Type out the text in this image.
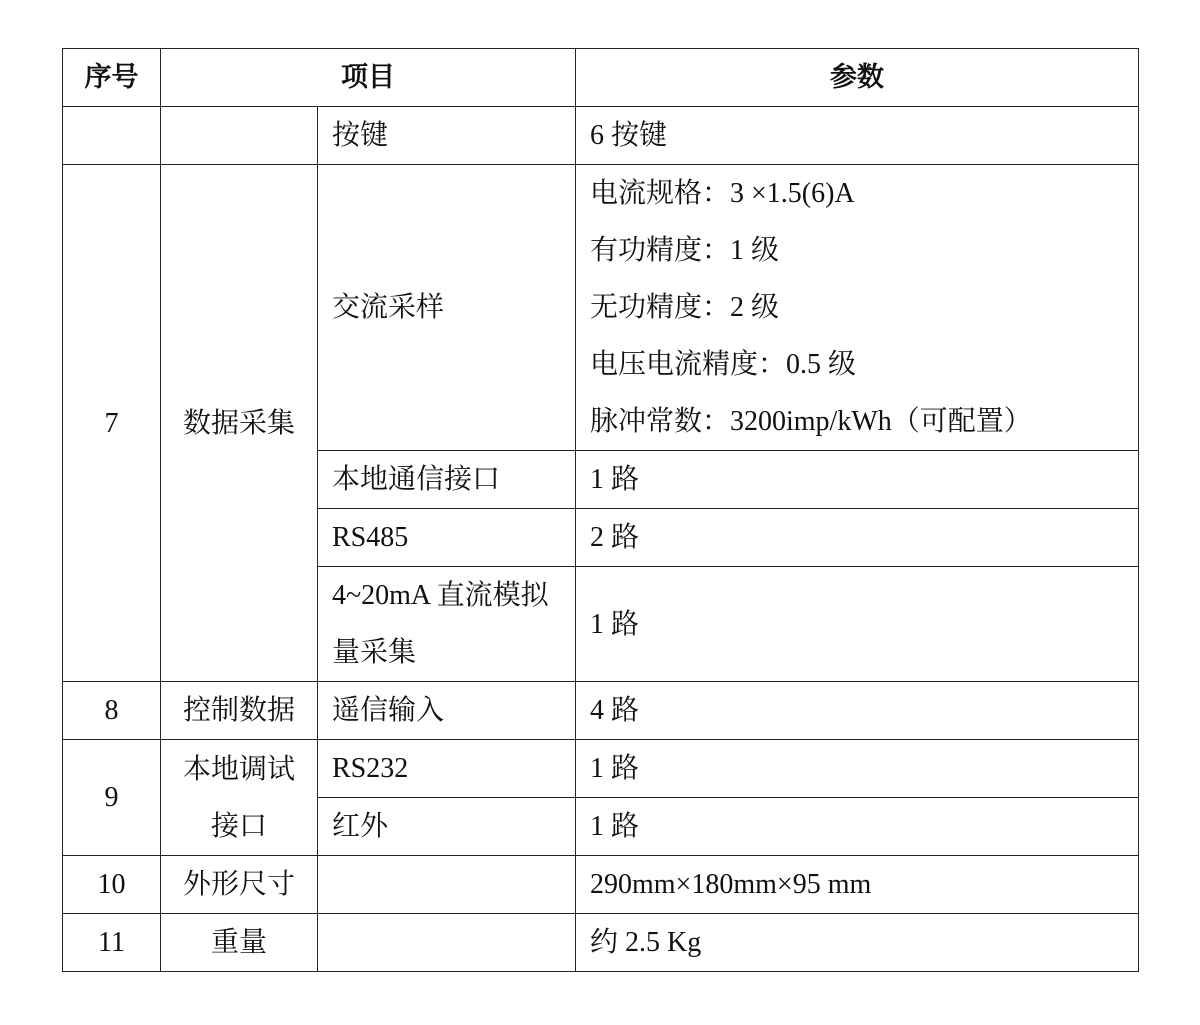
序号	项目		参数
		按键	6 按键
7	数据采集	交流采样	电流规格：3 ×1.5(6)A
有功精度：1 级
无功精度：2 级
电压电流精度：0.5 级
脉冲常数：3200imp/kWh（可配置）

		本地通信接口	1 路
		RS485	2 路
		4~20mA 直流模拟量采集	1 路
8	控制数据	遥信输入	4 路
9	本地调试接口	RS232	1 路
		红外	1 路
10	外形尺寸		290mm×180mm×95 mm
11	重量		约 2.5 Kg
